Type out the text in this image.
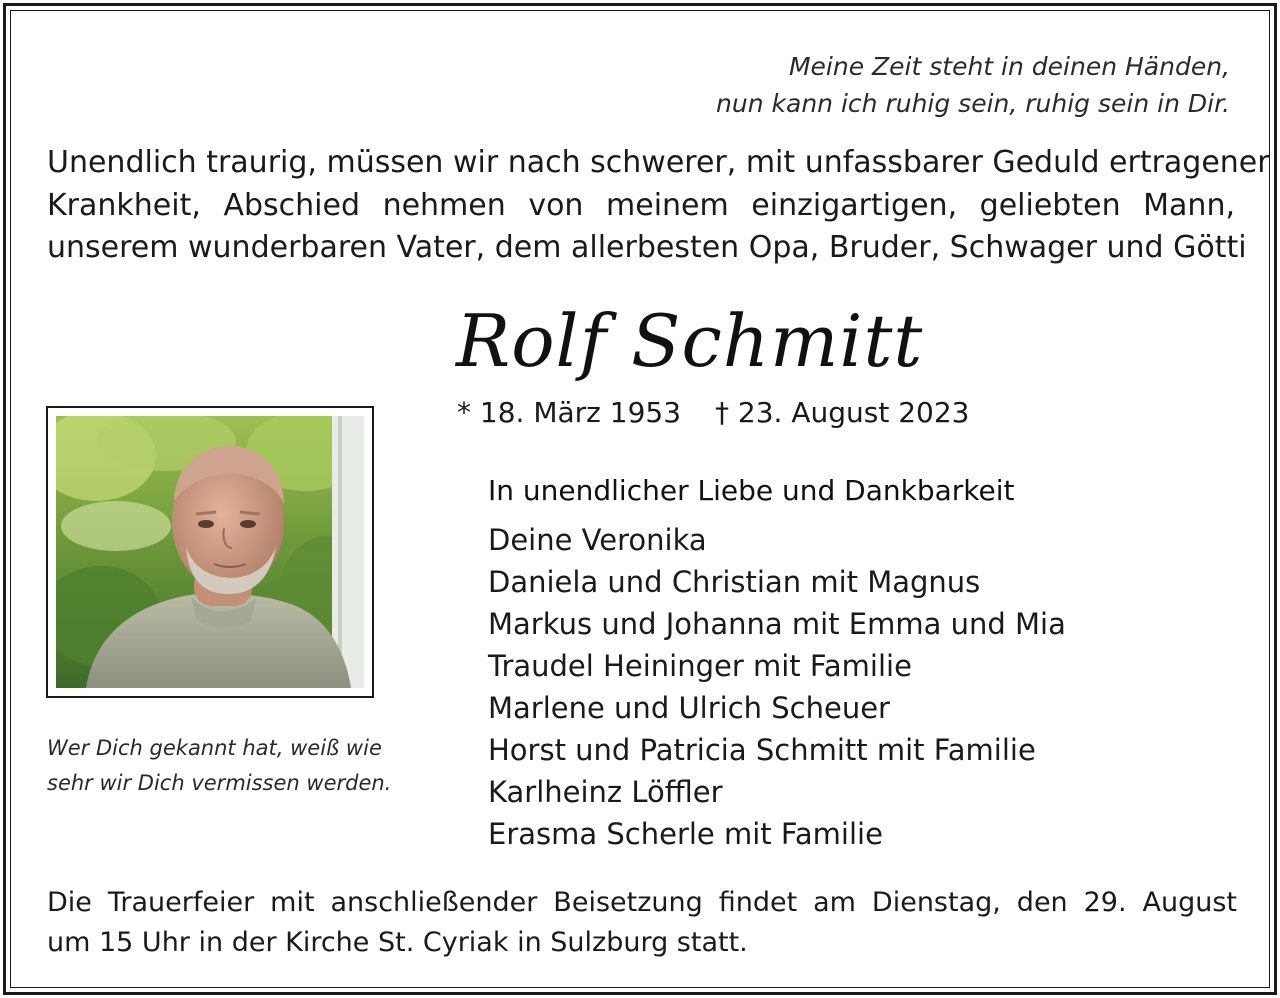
Meine Zeit steht in deinen Händen,
nun kann ich ruhig sein, ruhig sein in Dir.
Unendlich traurig, müssen wir nach schwerer, mit unfassbarer Geduld ertragener
Krankheit, Abschied nehmen von meinem einzigartigen, geliebten Mann,
unserem wunderbaren Vater, dem allerbesten Opa, Bruder, Schwager und Götti
Rolf Schmitt
* 18. März 1953 † 23. August 2023
Wer Dich gekannt hat, weiß wie
sehr wir Dich vermissen werden.
In unendlicher Liebe und Dankbarkeit
Deine Veronika
Daniela und Christian mit Magnus
Markus und Johanna mit Emma und Mia
Traudel Heininger mit Familie
Marlene und Ulrich Scheuer
Horst und Patricia Schmitt mit Familie
Karlheinz Löffler
Erasma Scherle mit Familie
Die Trauerfeier mit anschließender Beisetzung findet am Dienstag, den 29. August
um 15 Uhr in der Kirche St. Cyriak in Sulzburg statt.
